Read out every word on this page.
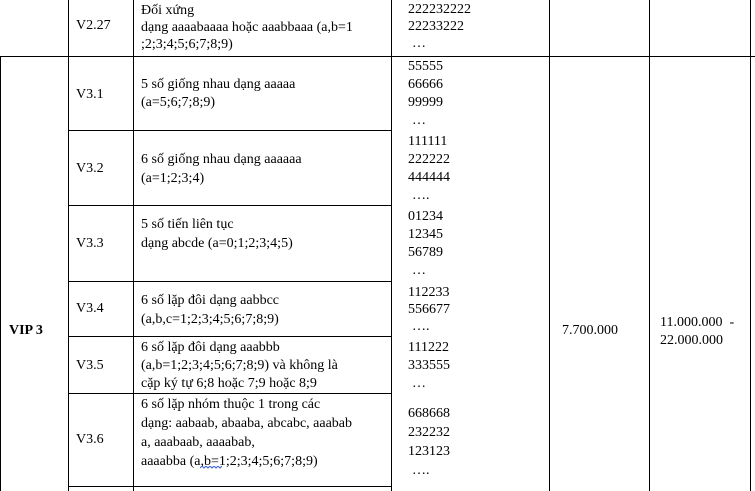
V2.27
Đối xứng
dạng aaaabaaaa hoặc aaabbaaa (a,b=1
;2;3;4;5;6;7;8;9)
222232222
22233222
…
V3.1
5 số giống nhau dạng aaaaa
(a=5;6;7;8;9)
55555
66666
99999
…
V3.2
6 số giống nhau dạng aaaaaa
(a=1;2;3;4)
111111
222222
444444
….
V3.3
5 số tiến liên tục
dạng abcde (a=0;1;2;3;4;5)
01234
12345
56789
…
V3.4
6 số lặp đôi dạng aabbcc
(a,b,c=1;2;3;4;5;6;7;8;9)
112233
556677
….
V3.5
6 số lặp đôi dạng aaabbb
(a,b=1;2;3;4;5;6;7;8;9) và không là
cặp ký tự 6;8 hoặc 7;9 hoặc 8;9
111222
333555
…
V3.6
6 số lặp nhóm thuộc 1 trong các
dạng: aabaab, abaaba, abcabc, aaabab
a, aaabaab, aaaabab,
aaaabba (a,b=1;2;3;4;5;6;7;8;9)
668668
232232
123123
….
VIP 3	7.700.000
11.000.000  -
22.000.000
